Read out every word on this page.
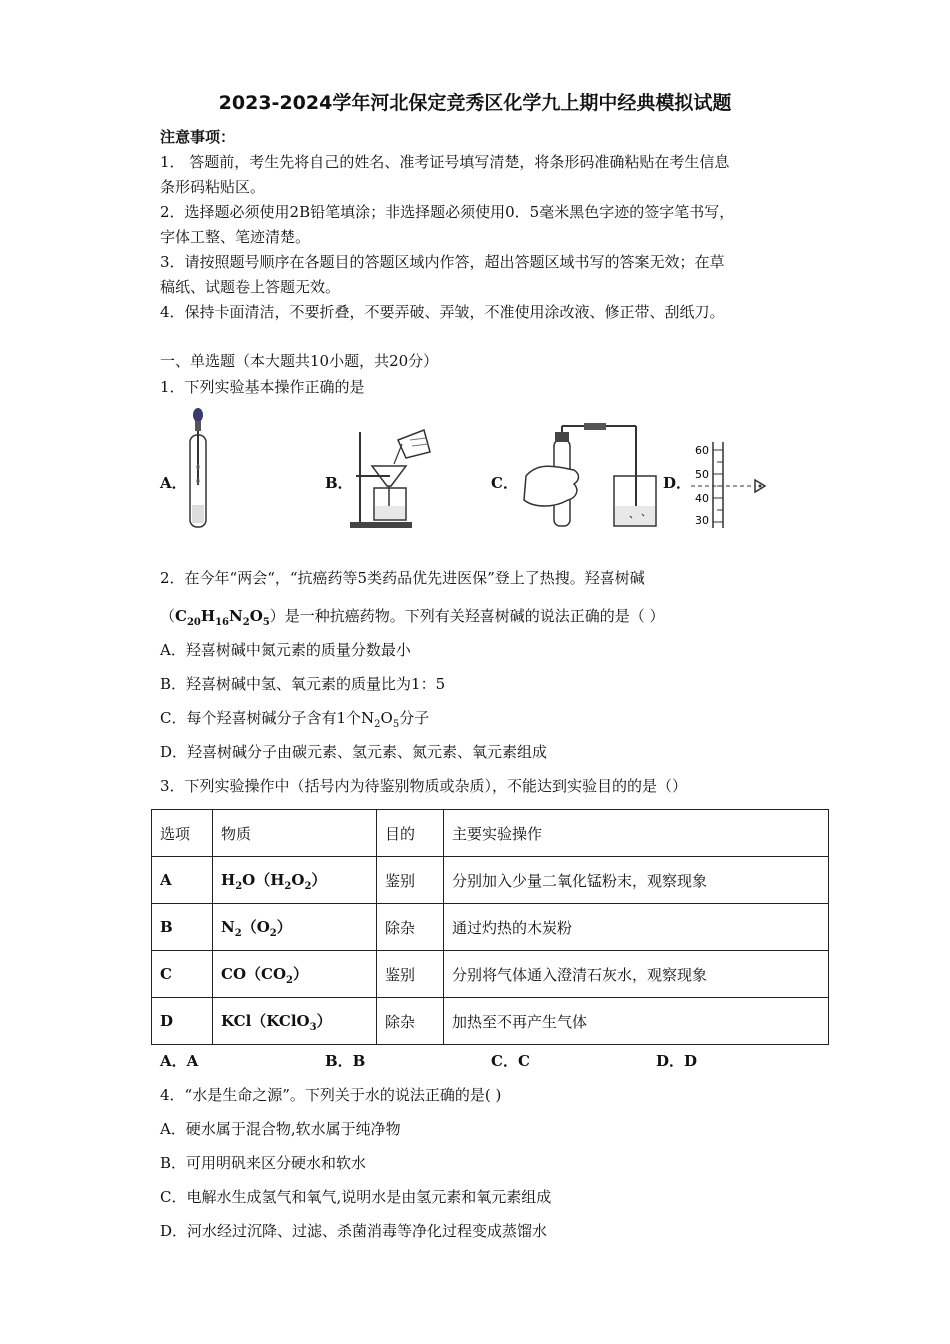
2023-2024学年河北保定竞秀区化学九上期中经典模拟试题
注意事项：
1． 答题前，考生先将自己的姓名、准考证号填写清楚，将条形码准确粘贴在考生信息
条形码粘贴区。
2．选择题必须使用2B铅笔填涂；非选择题必须使用0．5毫米黑色字迹的签字笔书写，
字体工整、笔迹清楚。
3．请按照题号顺序在各题目的答题区域内作答，超出答题区域书写的答案无效；在草
稿纸、试题卷上答题无效。
4．保持卡面清洁，不要折叠，不要弄破、弄皱，不准使用涂改液、修正带、刮纸刀。
一、单选题（本大题共10小题，共20分）
1．下列实验基本操作正确的是
A．	B．	C．	D．
60
50
40
30
2．在今年“两会“，“抗癌药等5类药品优先进医保”登上了热搜。羟喜树碱
$(C_{20}H_{16}N_2O_5)$是一种抗癌药物。下列有关羟喜树碱的说法正确的是（ ）
A．羟喜树碱中氮元素的质量分数最小
B．羟喜树碱中氢、氧元素的质量比为1：5
C．每个羟喜树碱分子含有1个$N_2O_5$分子
D．羟喜树碱分子由碳元素、氢元素、氮元素、氧元素组成
3．下列实验操作中（括号内为待鉴别物质或杂质），不能达到实验目的的是（）
选项	物质	目的	主要实验操作
A	$H_2O(H_2O_2)$	鉴别	分别加入少量二氧化锰粉末，观察现象
B	$N_2(O_2)$	除杂	通过灼热的木炭粉
C	$CO(CO_2)$	鉴别	分别将气体通入澄清石灰水，观察现象
D	KCl（KClO$_3$）	除杂	加热至不再产生气体
A．A	B．B	C．C	D．D
4．“水是生命之源”。下列关于水的说法正确的是( )
A．硬水属于混合物,软水属于纯净物
B．可用明矾来区分硬水和软水
C．电解水生成氢气和氧气,说明水是由氢元素和氧元素组成
D．河水经过沉降、过滤、杀菌消毒等净化过程变成蒸馏水
